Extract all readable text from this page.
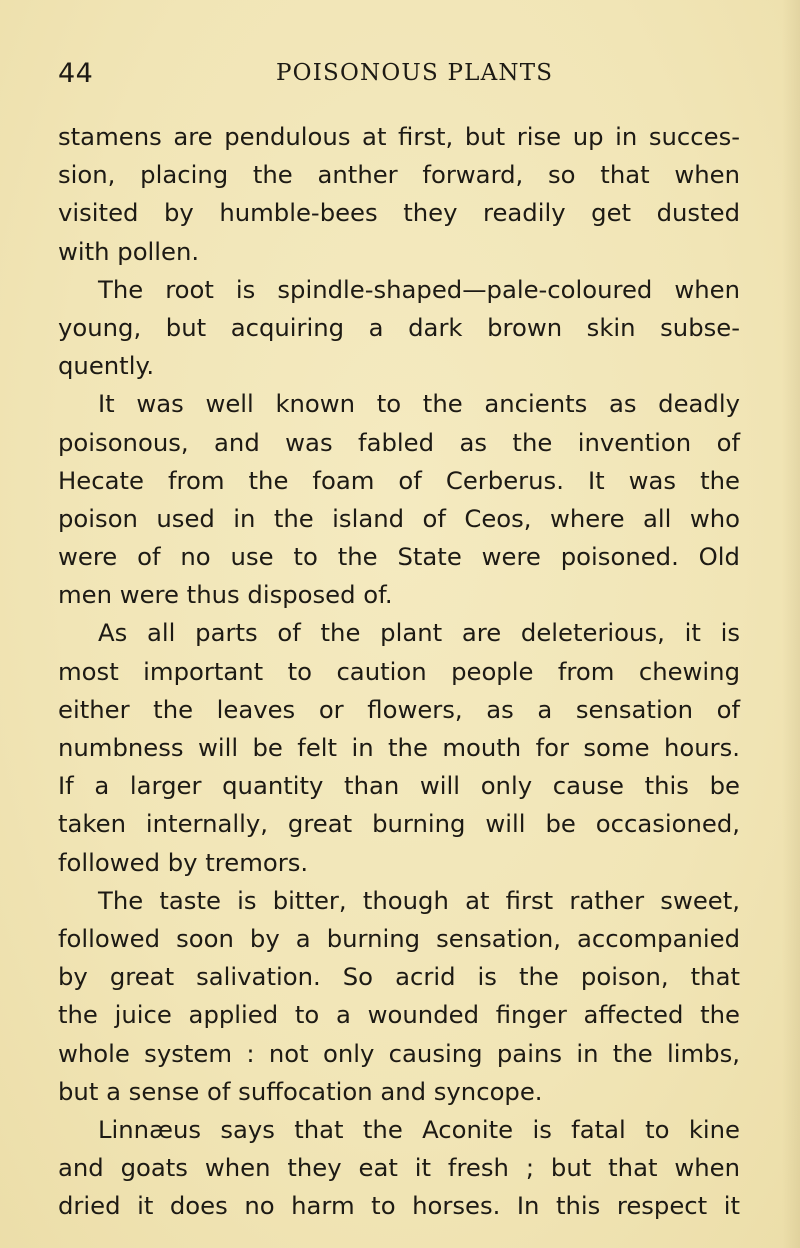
44	POISONOUS PLANTS
stamens are pendulous at first, but rise up in succes-
sion, placing the anther forward, so that when
visited by humble-bees they readily get dusted
with pollen.
The root is spindle-shaped—pale-coloured when
young, but acquiring a dark brown skin subse-
quently.
It was well known to the ancients as deadly
poisonous, and was fabled as the invention of
Hecate from the foam of Cerberus. It was the
poison used in the island of Ceos, where all who
were of no use to the State were poisoned. Old
men were thus disposed of.
As all parts of the plant are deleterious, it is
most important to caution people from chewing
either the leaves or flowers, as a sensation of
numbness will be felt in the mouth for some hours.
If a larger quantity than will only cause this be
taken internally, great burning will be occasioned,
followed by tremors.
The taste is bitter, though at first rather sweet,
followed soon by a burning sensation, accompanied
by great salivation. So acrid is the poison, that
the juice applied to a wounded finger affected the
whole system : not only causing pains in the limbs,
but a sense of suffocation and syncope.
Linnæus says that the Aconite is fatal to kine
and goats when they eat it fresh ; but that when
dried it does no harm to horses. In this respect it
